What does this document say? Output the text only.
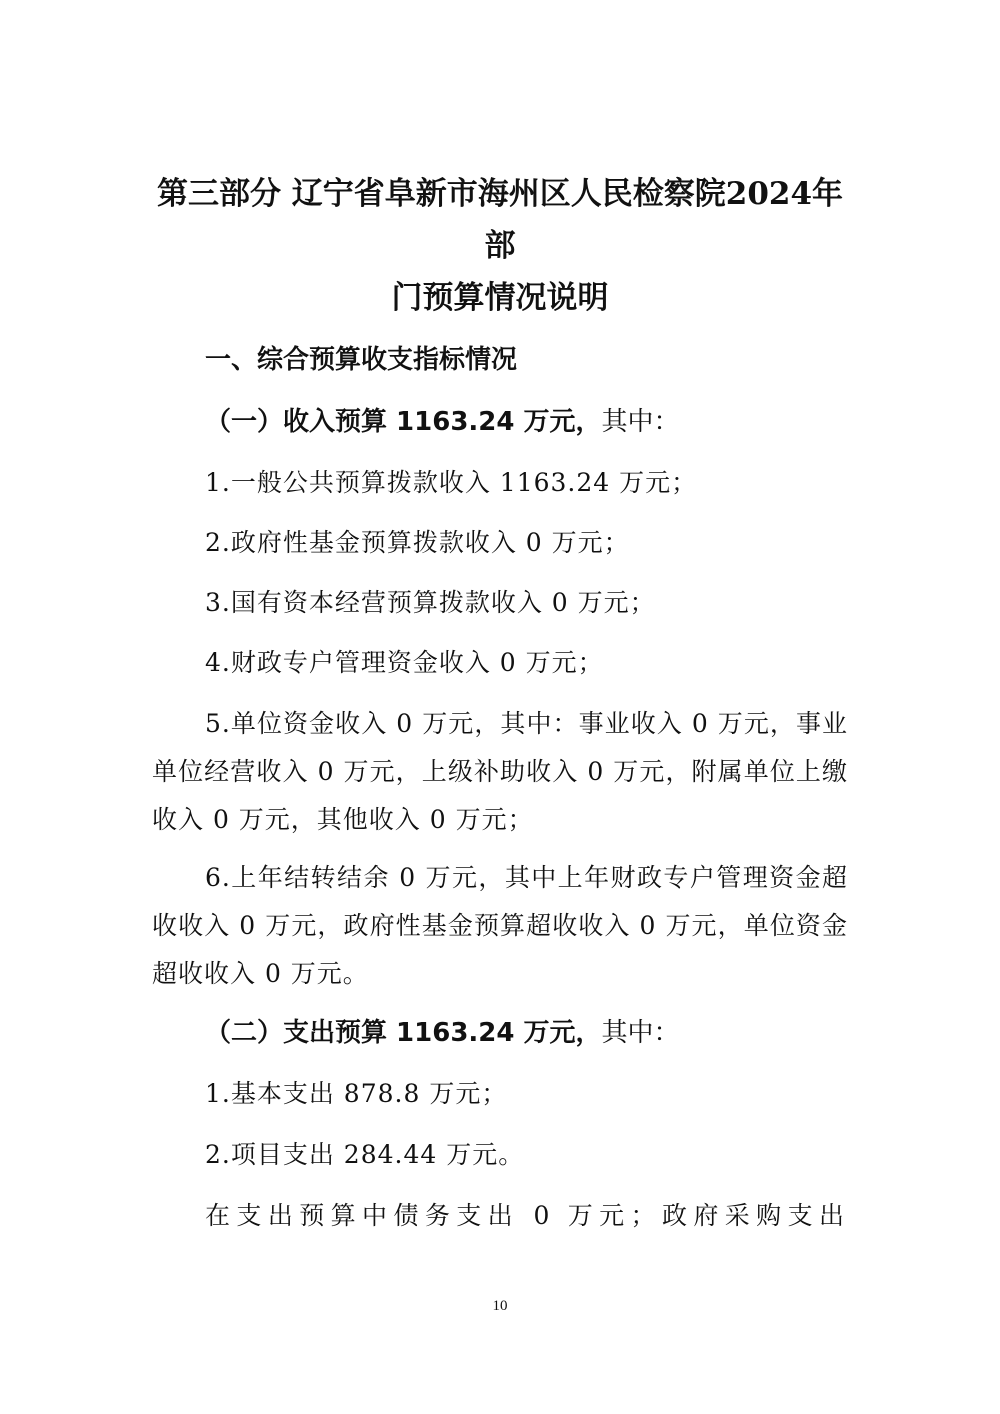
第三部分 辽宁省阜新市海州区人民检察院2024年部
门预算情况说明
一、综合预算收支指标情况
（一）收入预算 1163.24 万元，其中：
1.一般公共预算拨款收入 1163.24 万元；
2.政府性基金预算拨款收入 0 万元；
3.国有资本经营预算拨款收入 0 万元；
4.财政专户管理资金收入 0 万元；
5.单位资金收入 0 万元，其中：事业收入 0 万元，事业单位经营收入 0 万元，上级补助收入 0 万元，附属单位上缴收入 0 万元，其他收入 0 万元；
6.上年结转结余 0 万元，其中上年财政专户管理资金超收收入 0 万元，政府性基金预算超收收入 0 万元，单位资金超收收入 0 万元。
（二）支出预算 1163.24 万元，其中：
1.基本支出 878.8 万元；
2.项目支出 284.44 万元。
在支出预算中债务支出 0 万元；政府采购支出
10
